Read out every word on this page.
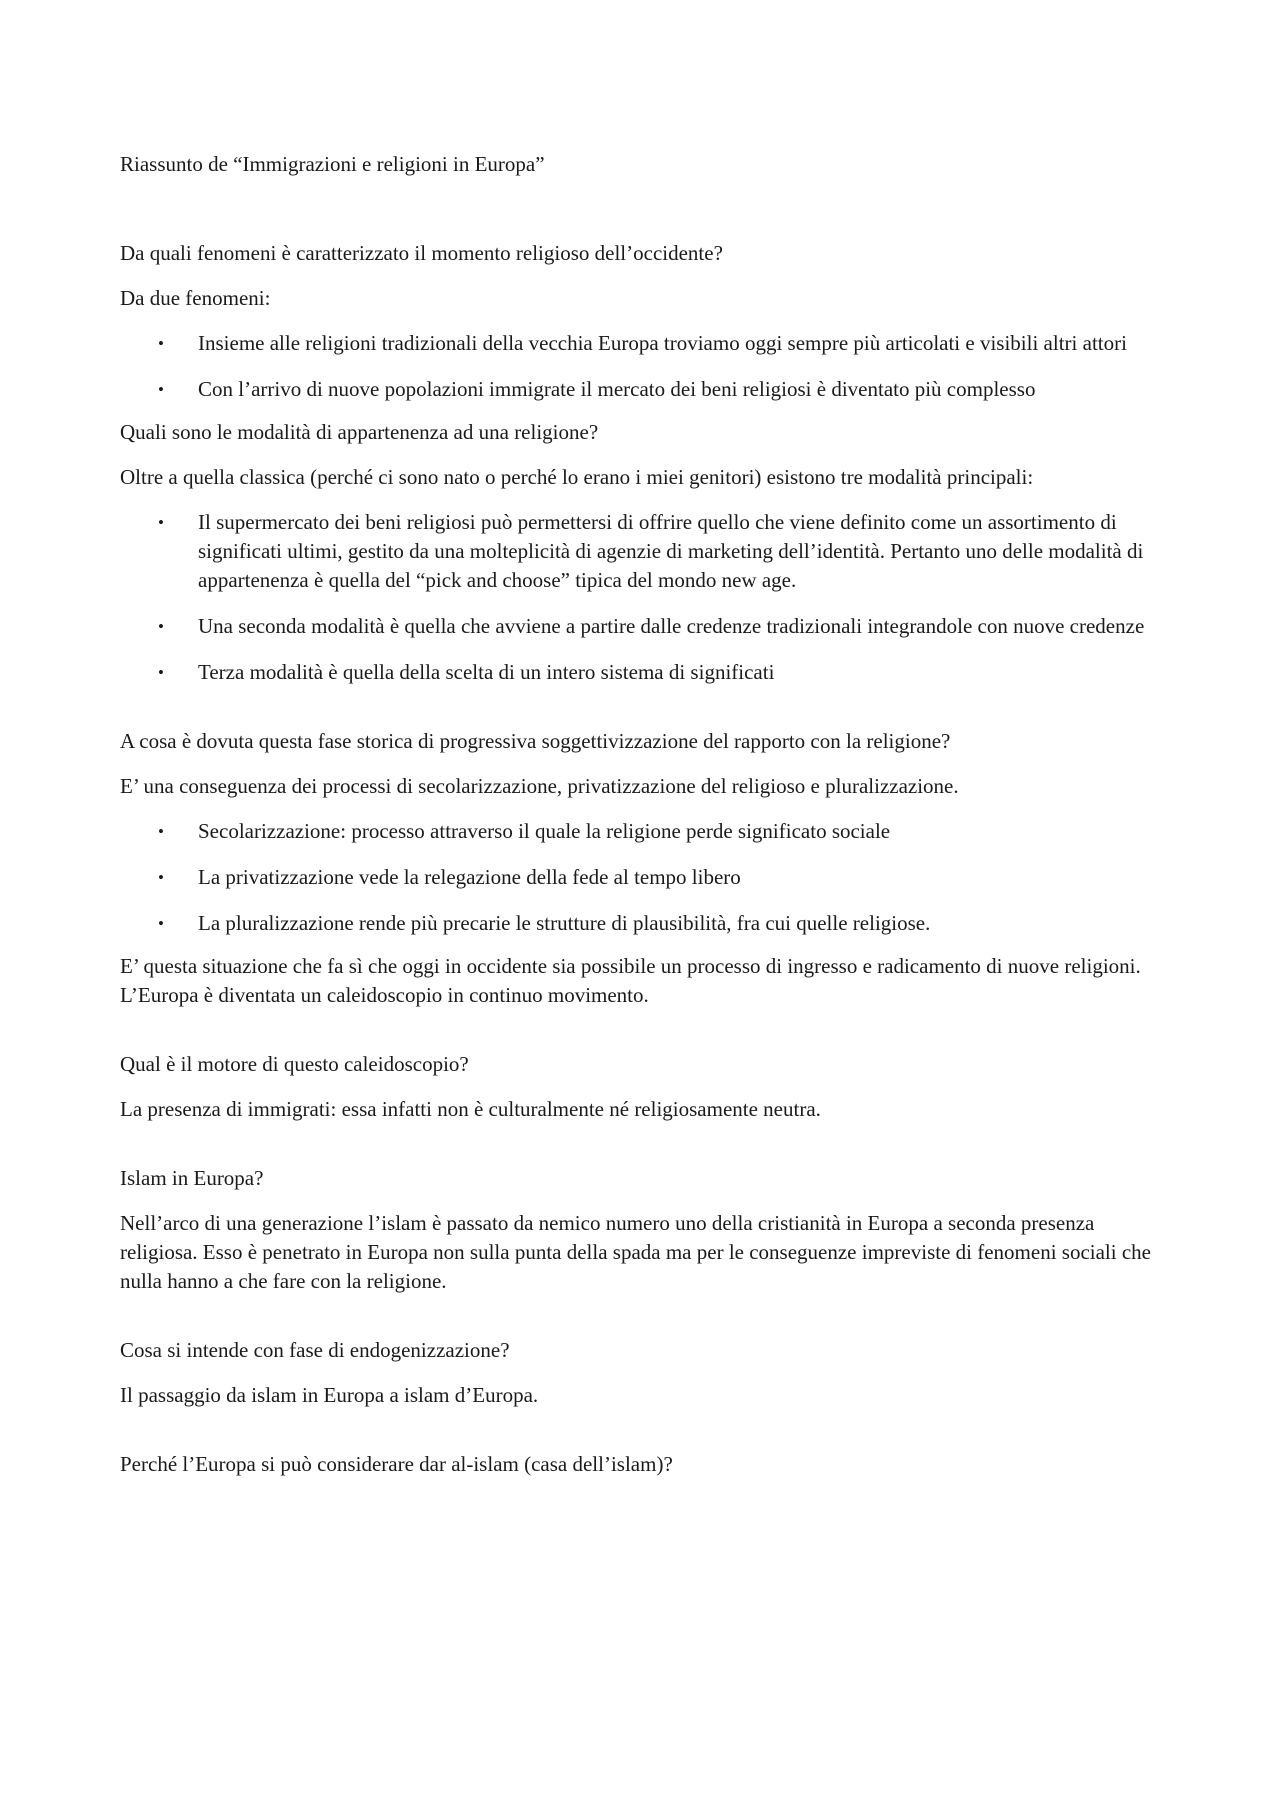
Riassunto de “Immigrazioni e religioni in Europa”

Da quali fenomeni è caratterizzato il momento religioso dell’occidente?

Da due fenomeni:

• Insieme alle religioni tradizionali della vecchia Europa troviamo oggi sempre più articolati e visibili altri attori
• Con l’arrivo di nuove popolazioni immigrate il mercato dei beni religiosi è diventato più complesso

Quali sono le modalità di appartenenza ad una religione?

Oltre a quella classica (perché ci sono nato o perché lo erano i miei genitori) esistono tre modalità principali:

• Il supermercato dei beni religiosi può permettersi di offrire quello che viene definito come un assortimento di significati ultimi, gestito da una molteplicità di agenzie di marketing dell’identità. Pertanto uno delle modalità di appartenenza è quella del “pick and choose” tipica del mondo new age.
• Una seconda modalità è quella che avviene a partire dalle credenze tradizionali integrandole con nuove credenze
• Terza modalità è quella della scelta di un intero sistema di significati

A cosa è dovuta questa fase storica di progressiva soggettivizzazione del rapporto con la religione?

E’ una conseguenza dei processi di secolarizzazione, privatizzazione del religioso e pluralizzazione.

• Secolarizzazione: processo attraverso il quale la religione perde significato sociale
• La privatizzazione vede la relegazione della fede al tempo libero
• La pluralizzazione rende più precarie le strutture di plausibilità, fra cui quelle religiose.

E’ questa situazione che fa sì che oggi in occidente sia possibile un processo di ingresso e radicamento di nuove religioni. L’Europa è diventata un caleidoscopio in continuo movimento.

Qual è il motore di questo caleidoscopio?

La presenza di immigrati: essa infatti non è culturalmente né religiosamente neutra.

Islam in Europa?

Nell’arco di una generazione l’islam è passato da nemico numero uno della cristianità in Europa a seconda presenza religiosa. Esso è penetrato in Europa non sulla punta della spada ma per le conseguenze impreviste di fenomeni sociali che nulla hanno a che fare con la religione.

Cosa si intende con fase di endogenizzazione?

Il passaggio da islam in Europa a islam d’Europa.

Perché l’Europa si può considerare dar al-islam (casa dell’islam)?
